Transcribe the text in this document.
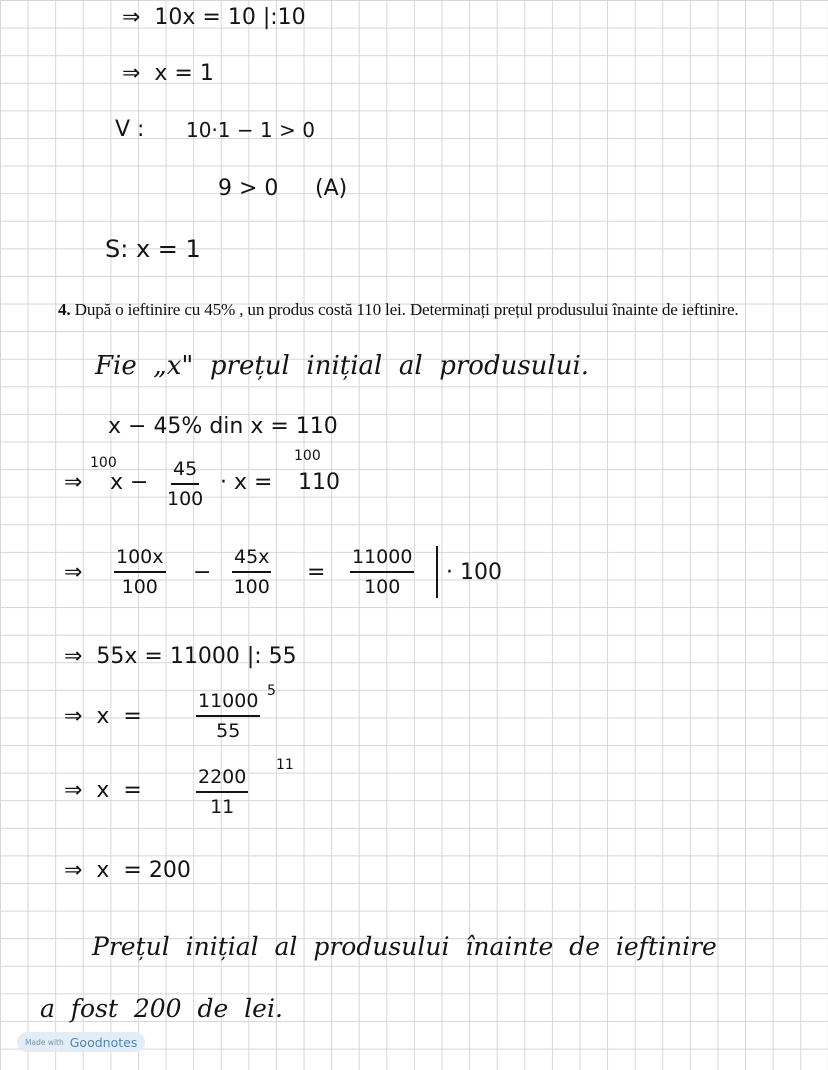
⇒  10x = 10 |:10
⇒  x = 1
V : 10·1 − 1 > 0
9 > 0 (A)
S: x = 1
4. După o ieftinire cu 45% , un produs costă 110 lei. Determinați prețul produsului înainte de ieftinire.
Fie  „x"  prețul  inițial  al  produsului.
x − 45% din x = 110
⇒
100
$x - \frac{45}{100} \cdot x$ =
100
110
⇒ $\frac{100x}{100} - \frac{45x}{100} = \frac{11000}{100} \cdot 100$
⇒  55x = 11000 |: 55
⇒  x  =	$\frac{11000}{55} 5$
⇒  x  =	$\frac{2200}{11}$
11
⇒  x  = 200
Prețul  inițial  al  produsului  înainte  de  ieftinire
a  fost  200  de  lei.
Made with Goodnotes
